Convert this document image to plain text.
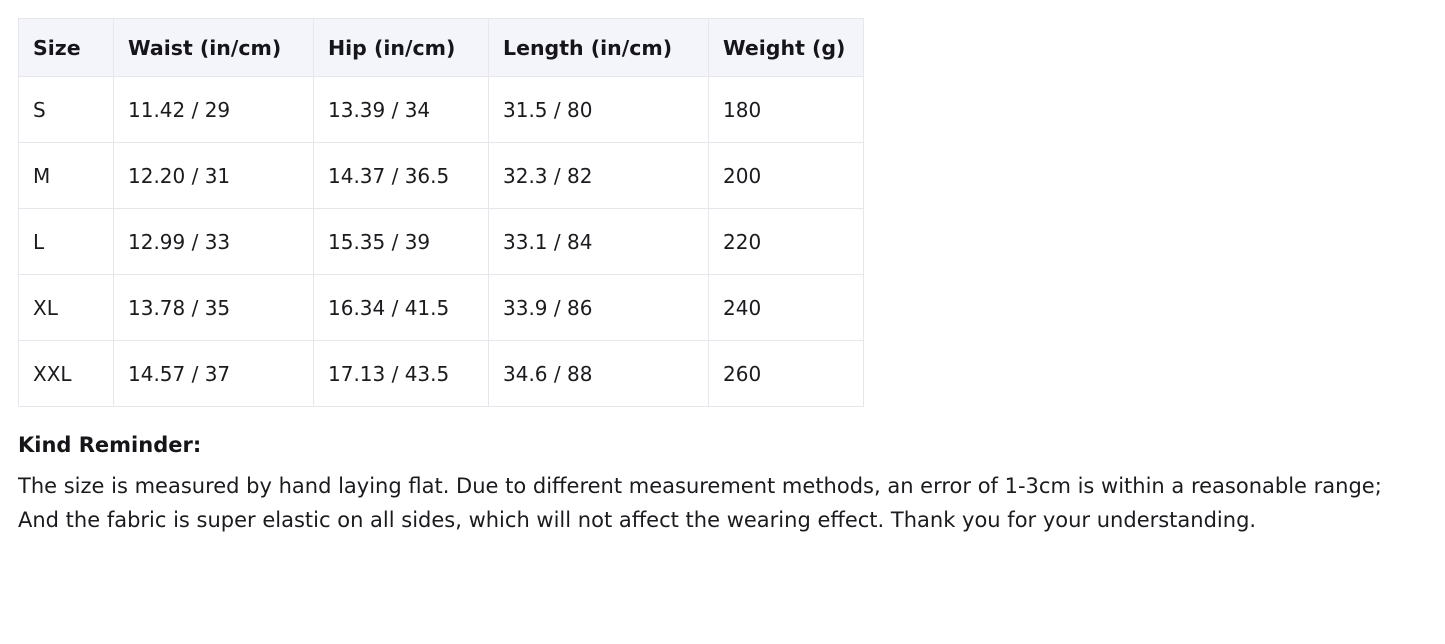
Size	Waist (in/cm)	Hip (in/cm)	Length (in/cm)	Weight (g)
S	11.42 / 29	13.39 / 34	31.5 / 80	180
M	12.20 / 31	14.37 / 36.5	32.3 / 82	200
L	12.99 / 33	15.35 / 39	33.1 / 84	220
XL	13.78 / 35	16.34 / 41.5	33.9 / 86	240
XXL	14.57 / 37	17.13 / 43.5	34.6 / 88	260
Kind Reminder:
The size is measured by hand laying flat. Due to different measurement methods, an error of 1-3cm is within a reasonable range; And the fabric is super elastic on all sides, which will not affect the wearing effect. Thank you for your understanding.
